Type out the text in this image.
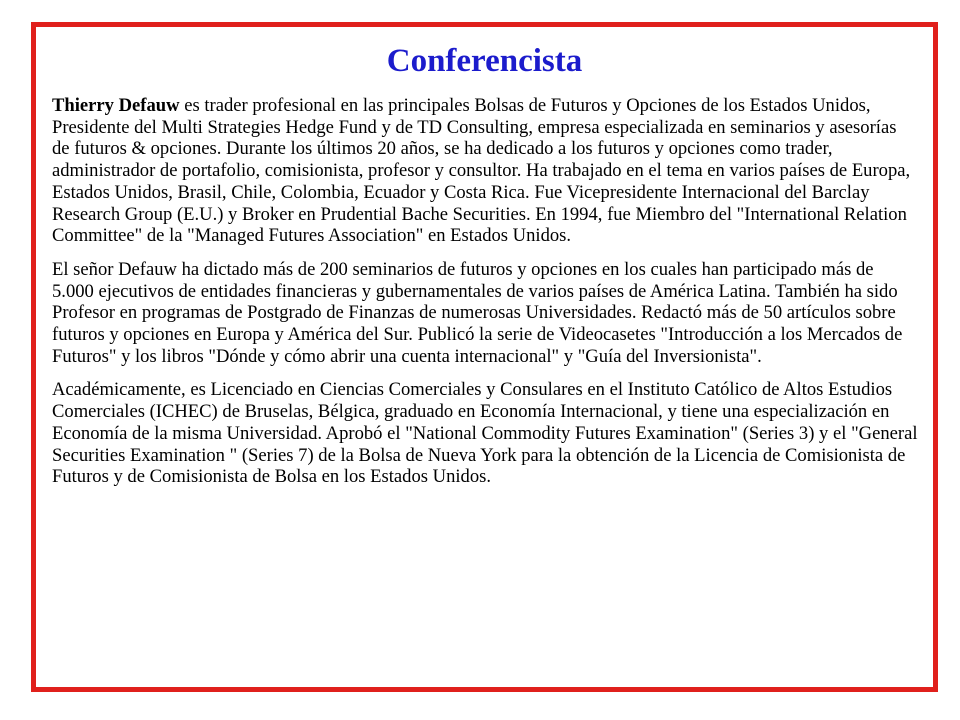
Conferencista

Thierry Defauw es trader profesional en las principales Bolsas de Futuros y Opciones de los Estados Unidos, Presidente del Multi Strategies Hedge Fund y de TD Consulting, empresa especializada en seminarios y asesorías de futuros & opciones. Durante los últimos 20 años, se ha dedicado a los futuros y opciones como trader, administrador de portafolio, comisionista, profesor y consultor. Ha trabajado en el tema en varios países de Europa, Estados Unidos, Brasil, Chile, Colombia, Ecuador y Costa Rica. Fue Vicepresidente Internacional del Barclay Research Group (E.U.) y Broker en Prudential Bache Securities. En 1994, fue Miembro del "International Relation Committee" de la "Managed Futures Association" en Estados Unidos.

El señor Defauw ha dictado más de 200 seminarios de futuros y opciones en los cuales han participado más de 5.000 ejecutivos de entidades financieras y gubernamentales de varios países de América Latina. También ha sido Profesor en programas de Postgrado de Finanzas de numerosas Universidades. Redactó más de 50 artículos sobre futuros y opciones en Europa y América del Sur. Publicó la serie de Videocasetes "Introducción a los Mercados de Futuros" y los libros "Dónde y cómo abrir una cuenta internacional" y "Guía del Inversionista".

Académicamente, es Licenciado en Ciencias Comerciales y Consulares en el Instituto Católico de Altos Estudios Comerciales (ICHEC) de Bruselas, Bélgica, graduado en Economía Internacional, y tiene una especialización en Economía de la misma Universidad. Aprobó el "National Commodity Futures Examination" (Series 3) y el "General Securities Examination " (Series 7) de la Bolsa de Nueva York para la obtención de la Licencia de Comisionista de Futuros y de Comisionista de Bolsa en los Estados Unidos.
